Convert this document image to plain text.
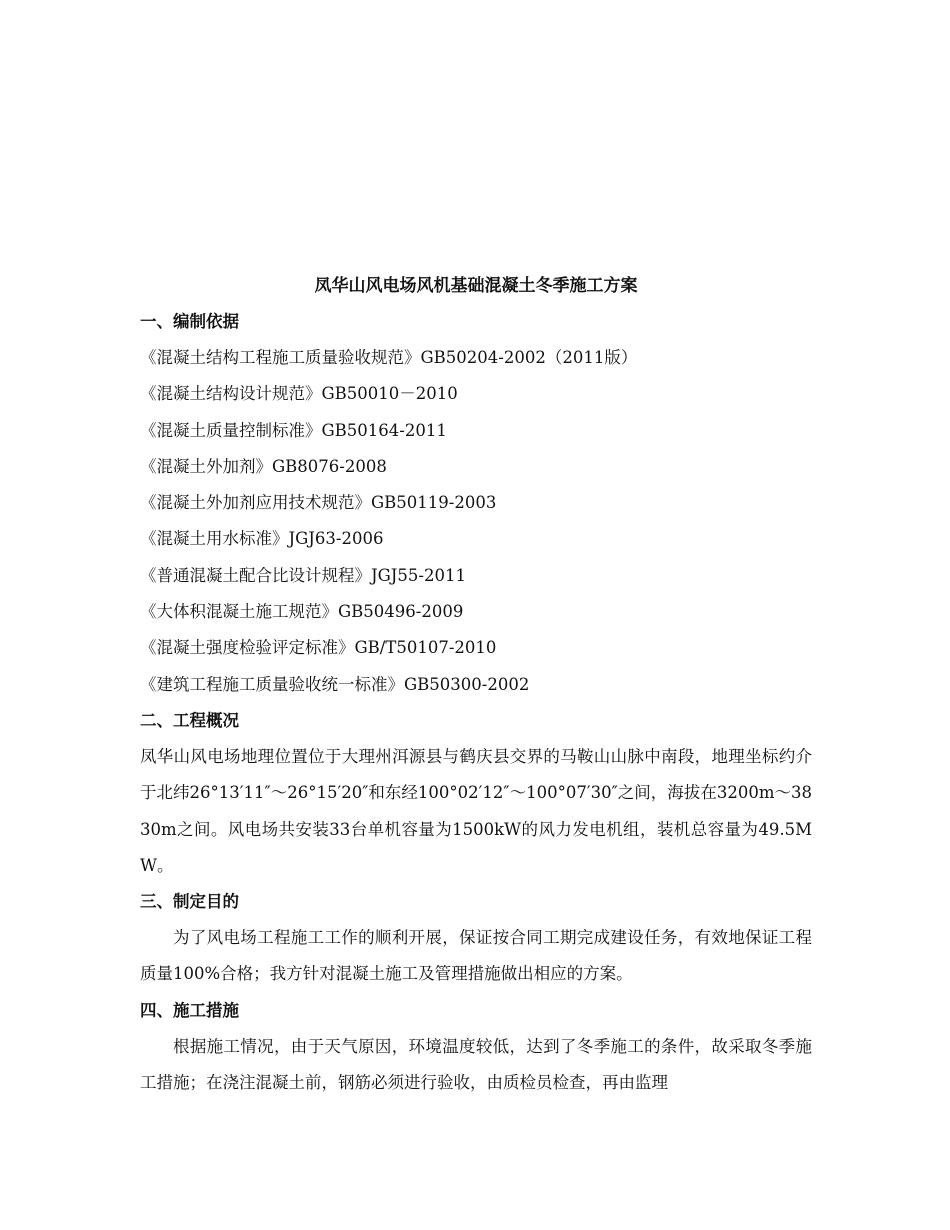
凤华山风电场风机基础混凝土冬季施工方案
一、编制依据
《混凝土结构工程施工质量验收规范》GB50204-2002（2011版）
《混凝土结构设计规范》GB50010－2010
《混凝土质量控制标准》GB50164-2011
《混凝土外加剂》GB8076-2008
《混凝土外加剂应用技术规范》GB50119-2003
《混凝土用水标准》JGJ63-2006
《普通混凝土配合比设计规程》JGJ55-2011
《大体积混凝土施工规范》GB50496-2009
《混凝土强度检验评定标准》GB/T50107-2010
《建筑工程施工质量验收统一标准》GB50300-2002
二、工程概况

凤华山风电场地理位置位于大理州洱源县与鹤庆县交界的马鞍山山脉中南段，地理坐标约介于北纬26°13′11″～26°15′20″和东经100°02′12″～100°07′30″之间，海拔在3200m～3830m之间。风电场共安装33台单机容量为1500kW的风力发电机组，装机总容量为49.5MW。

三、制定目的

为了风电场工程施工工作的顺利开展，保证按合同工期完成建设任务，有效地保证工程质量100%合格；我方针对混凝土施工及管理措施做出相应的方案。

四、施工措施

根据施工情况，由于天气原因，环境温度较低，达到了冬季施工的条件，故采取冬季施工措施；在浇注混凝土前，钢筋必须进行验收，由质检员检查，再由监理
